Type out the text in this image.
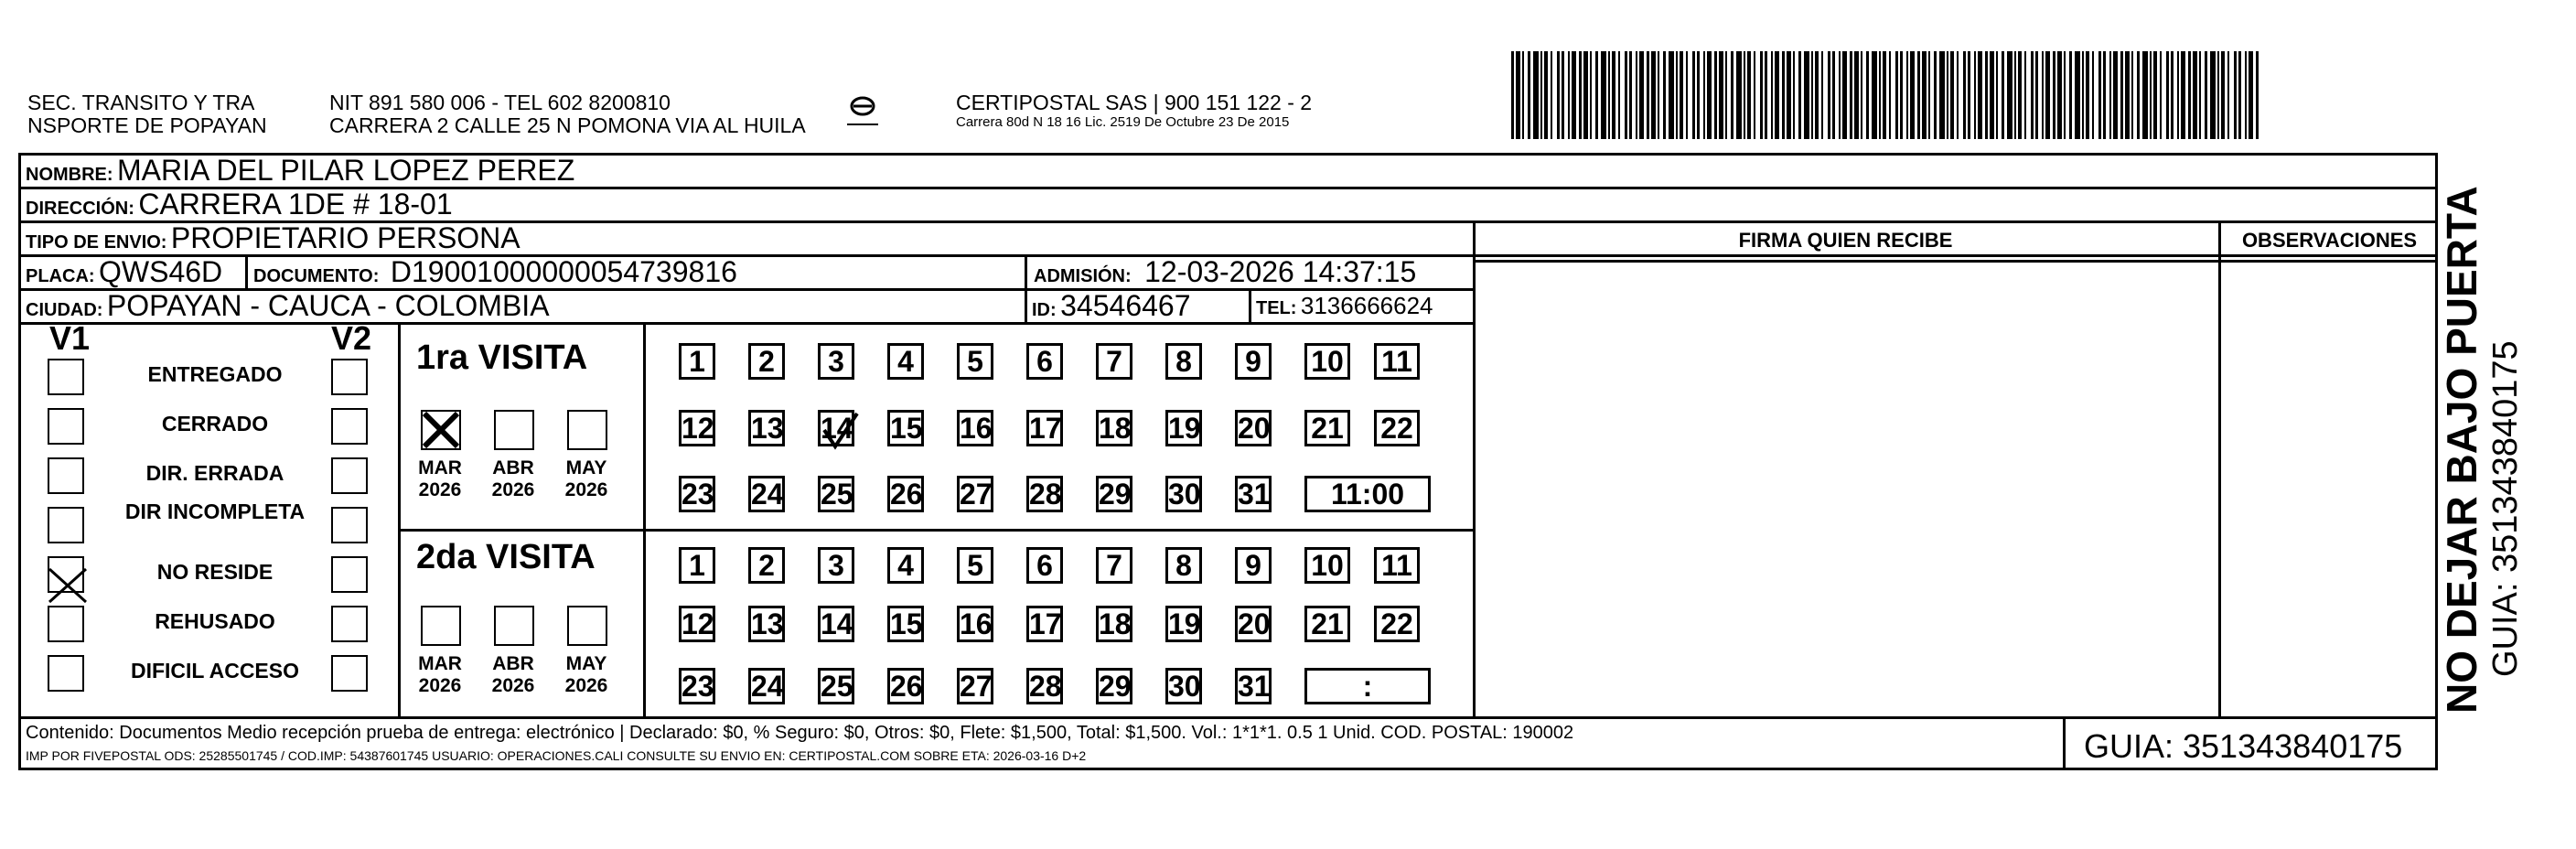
SEC. TRANSITO Y TRA
NSPORTE DE POPAYAN
NIT 891 580 006 - TEL 602 8200810
CARRERA 2 CALLE 25 N POMONA VIA AL HUILA
CERTIPOSTAL SAS | 900 151 122 - 2
Carrera 80d N 18 16 Lic. 2519 De Octubre 23 De 2015
NOMBRE: MARIA DEL PILAR LOPEZ PEREZ
DIRECCIÓN: CARRERA 1DE # 18-01
TIPO DE ENVIO: PROPIETARIO PERSONA
PLACA: QWS46D DOCUMENTO: D19001000000054739816	ADMISIÓN: 12-03-2026 14:37:15
CIUDAD: POPAYAN - CAUCA - COLOMBIA	ID: 34546467	TEL: 3136666624
FIRMA QUIEN RECIBE	OBSERVACIONES
V1	V2
ENTREGADO
CERRADO
DIR. ERRADA
DIR INCOMPLETA
NO RESIDE
REHUSADO
DIFICIL ACCESO
1ra VISITA
2da VISITA
MAR
2026
ABR
2026
MAY
2026
MAR
2026
ABR
2026
MAY
2026
1	2	3	4	5	6	7	8	9	10 11
12 13 14 15 16 17 18 19 20 21 22
23 24 25 26 27 28 29 30 31	11:00
1	2	3	4	5	6	7	8	9	10 11
12 13 14 15 16 17 18 19 20 21 22
23 24 25 26 27 28 29 30 31	:
Contenido: Documentos Medio recepción prueba de entrega: electrónico | Declarado: $0, % Seguro: $0, Otros: $0, Flete: $1,500, Total: $1,500. Vol.: 1*1*1. 0.5 1 Unid. COD. POSTAL: 190002
IMP POR FIVEPOSTAL ODS: 25285501745 / COD.IMP: 54387601745 USUARIO: OPERACIONES.CALI CONSULTE SU ENVIO EN: CERTIPOSTAL.COM SOBRE ETA: 2026-03-16 D+2	GUIA: 351343840175
NO DEJAR BAJO PUERTA GUIA: 351343840175
